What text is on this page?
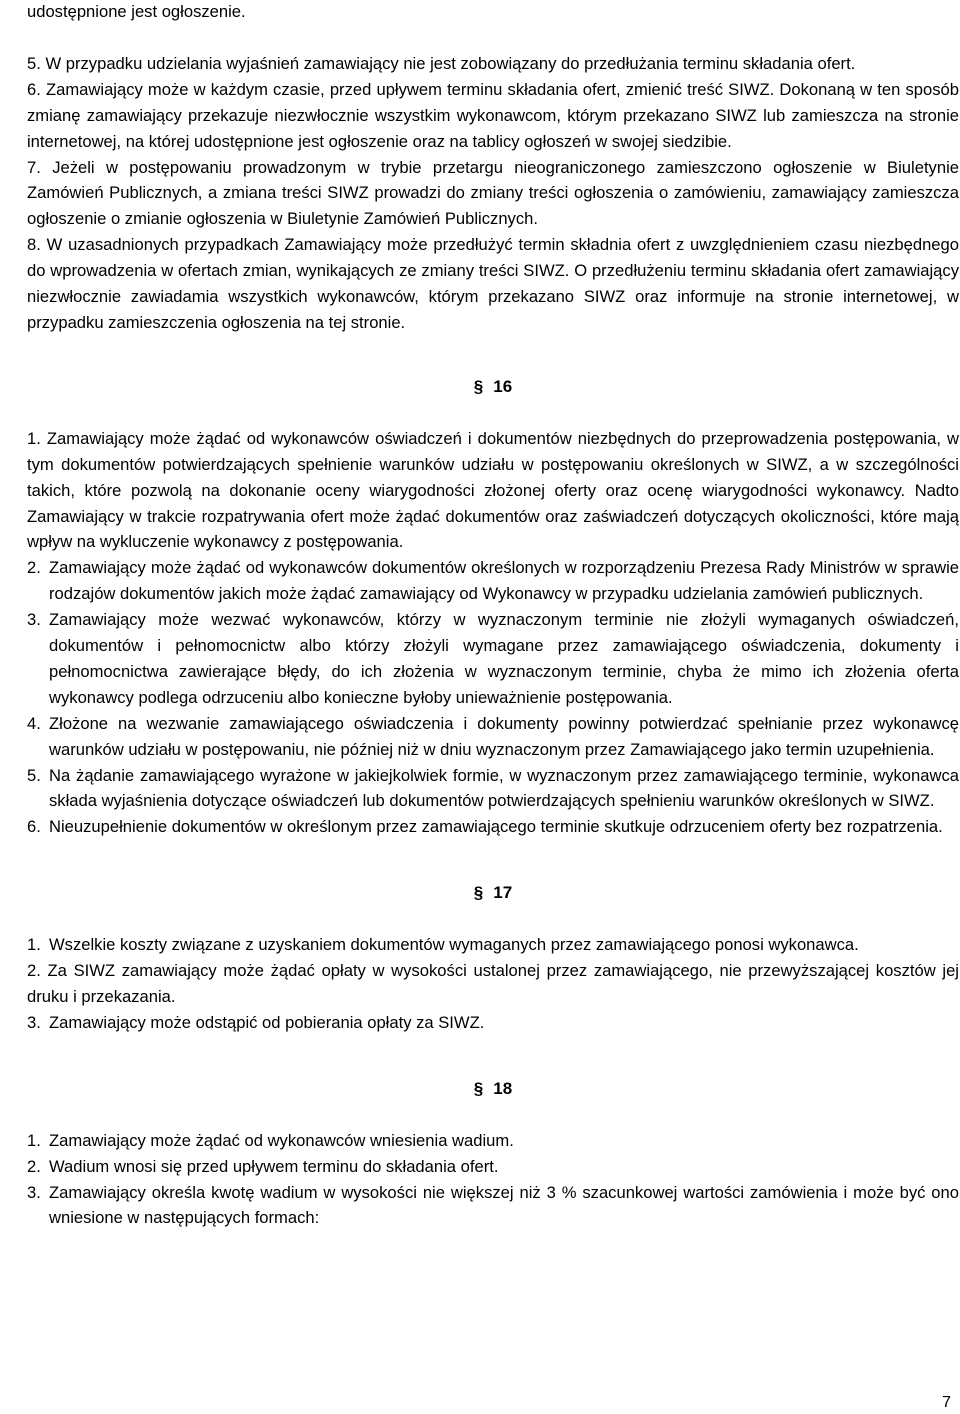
udostępnione jest ogłoszenie.
5. W przypadku udzielania wyjaśnień zamawiający nie jest zobowiązany do przedłużania terminu składania ofert.
6. Zamawiający może w każdym czasie, przed upływem terminu składania ofert, zmienić treść SIWZ. Dokonaną w ten sposób zmianę zamawiający przekazuje niezwłocznie wszystkim wykonawcom, którym przekazano SIWZ lub zamieszcza na stronie internetowej, na której udostępnione jest ogłoszenie oraz na tablicy ogłoszeń w swojej siedzibie.
7. Jeżeli w postępowaniu prowadzonym w trybie przetargu nieograniczonego zamieszczono ogłoszenie w Biuletynie Zamówień Publicznych, a zmiana treści SIWZ prowadzi do zmiany treści ogłoszenia o zamówieniu, zamawiający zamieszcza ogłoszenie o zmianie ogłoszenia w Biuletynie Zamówień Publicznych.
8. W uzasadnionych przypadkach Zamawiający może przedłużyć termin składnia ofert z uwzględnieniem czasu niezbędnego do wprowadzenia w ofertach zmian, wynikających ze zmiany treści SIWZ. O przedłużeniu terminu składania ofert zamawiający niezwłocznie zawiadamia wszystkich wykonawców, którym przekazano SIWZ oraz informuje na stronie internetowej, w przypadku zamieszczenia ogłoszenia na tej stronie.
§ 16
1. Zamawiający może żądać od wykonawców oświadczeń i dokumentów niezbędnych do przeprowadzenia postępowania, w tym dokumentów potwierdzających spełnienie warunków udziału w postępowaniu określonych w SIWZ, a w szczególności takich, które pozwolą na dokonanie oceny wiarygodności złożonej oferty oraz ocenę wiarygodności wykonawcy. Nadto Zamawiający w trakcie rozpatrywania ofert może żądać dokumentów oraz zaświadczeń dotyczących okoliczności, które mają wpływ na wykluczenie wykonawcy z postępowania.
2. Zamawiający może żądać od wykonawców dokumentów określonych w rozporządzeniu Prezesa Rady Ministrów w sprawie rodzajów dokumentów jakich może żądać zamawiający od Wykonawcy w przypadku udzielania zamówień publicznych.
3. Zamawiający może wezwać wykonawców, którzy w wyznaczonym terminie nie złożyli wymaganych oświadczeń, dokumentów i pełnomocnictw albo którzy złożyli wymagane przez zamawiającego oświadczenia, dokumenty i pełnomocnictwa zawierające błędy, do ich złożenia w wyznaczonym terminie, chyba że mimo ich złożenia oferta wykonawcy podlega odrzuceniu albo konieczne byłoby unieważnienie postępowania.
4. Złożone na wezwanie zamawiającego oświadczenia i dokumenty powinny potwierdzać spełnianie przez wykonawcę warunków udziału w postępowaniu, nie później niż w dniu wyznaczonym przez Zamawiającego jako termin uzupełnienia.
5. Na żądanie zamawiającego wyrażone w jakiejkolwiek formie, w wyznaczonym przez zamawiającego terminie, wykonawca składa wyjaśnienia dotyczące oświadczeń lub dokumentów potwierdzających spełnieniu warunków określonych w SIWZ.
6. Nieuzupełnienie dokumentów w określonym przez zamawiającego terminie skutkuje odrzuceniem oferty bez rozpatrzenia.
§ 17
1. Wszelkie koszty związane z uzyskaniem dokumentów wymaganych przez zamawiającego ponosi wykonawca.
2. Za SIWZ zamawiający może żądać opłaty w wysokości ustalonej przez zamawiającego, nie przewyższającej kosztów jej druku i przekazania.
3. Zamawiający może odstąpić od pobierania opłaty za SIWZ.
§ 18
1. Zamawiający może żądać od wykonawców wniesienia wadium.
2. Wadium wnosi się przed upływem terminu do składania ofert.
3. Zamawiający określa kwotę wadium w wysokości nie większej niż 3 % szacunkowej wartości zamówienia i może być ono wniesione w następujących formach:
7
